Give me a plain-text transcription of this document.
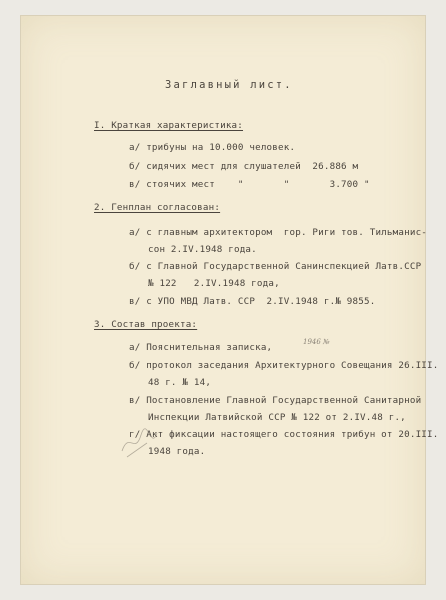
Заглавный лист.
I. Краткая характеристика:
а/ трибуны на 10.000 человек.
б/ сидячих мест для слушателей  26.886 м
в/ стоячих мест    "       "       3.700 "
2. Генплан согласован:
а/ с главным архитектором  гор. Риги тов. Тильманис-
сон 2.IV.1948 года.
б/ с Главной Государственной Санинспекцией Латв.ССР
№ 122   2.IV.1948 года,
в/ с УПО МВД Латв. ССР  2.IV.1948 г.№ 9855.
3. Состав проекта:
а/ Пояснительная записка,
б/ протокол заседания Архитектурного Совещания 26.III.
48 г. № 14,
в/ Постановление Главной Государственной Санитарной
Инспекции Латвийской ССР № 122 от 2.IV.48 г.,
г/ Акт фиксации настоящего состояния трибун от 20.III.
1948 года.
1946 №
